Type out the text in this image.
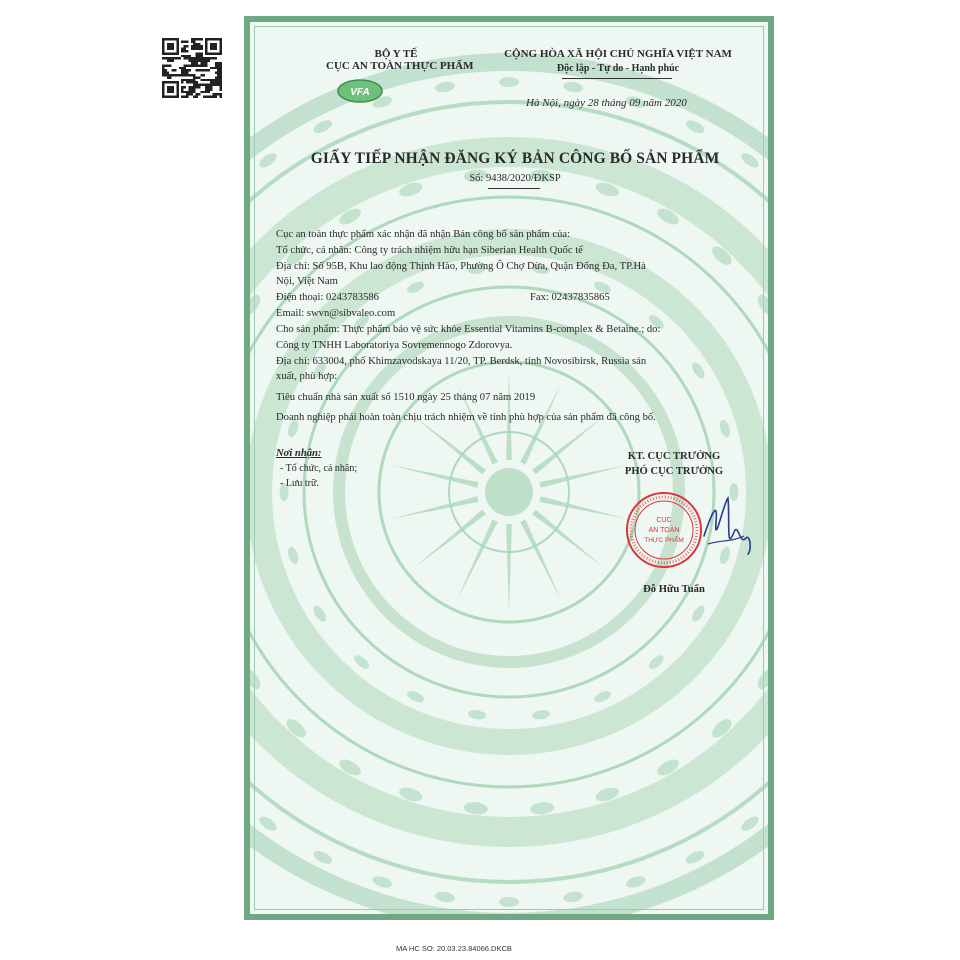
BỘ Y TẾ
CỤC AN TOÀN THỰC PHẨM
VFA
CỘNG HÒA XÃ HỘI CHỦ NGHĨA VIỆT NAM
Độc lập - Tự do - Hạnh phúc
Hà Nội, ngày 28 tháng 09 năm 2020
GIẤY TIẾP NHẬN ĐĂNG KÝ BẢN CÔNG BỐ SẢN PHẨM
Số: 9438/2020/ĐKSP
Cục an toàn thực phẩm xác nhận đã nhận Bản công bố sản phẩm của:
Tổ chức, cá nhân: Công ty trách nhiệm hữu hạn Siberian Health Quốc tế
Địa chỉ: Số 95B, Khu lao động Thịnh Hào, Phường Ô Chợ Dừa, Quận Đống Đa, TP.Hà
Nội, Việt Nam
Điện thoại: 0243783586	Fax: 02437835865
Email: swvn@sibvaleo.com
Cho sản phẩm: Thực phẩm bảo vệ sức khỏe Essential Vitamins B-complex & Betaine.; do:
Công ty TNHH Laboratoriya Sovremennogo Zdorovya.
Địa chỉ: 633004, phố Khimzavodskaya 11/20, TP. Berdsk, tỉnh Novosibirsk, Russia sản
xuất, phù hợp:
Tiêu chuẩn nhà sản xuất số 1510 ngày 25 tháng 07 năm 2019
Doanh nghiệp phải hoàn toàn chịu trách nhiệm về tính phù hợp của sản phẩm đã công bố.
Nơi nhận:
- Tổ chức, cá nhân;
- Lưu trữ.
KT. CỤC TRƯỞNG
PHÓ CỤC TRƯỞNG
CỤC
AN TOÀN
THỰC PHẨM
Đỗ Hữu Tuấn
MA HC SO: 20.03.23.84066.DKCB
